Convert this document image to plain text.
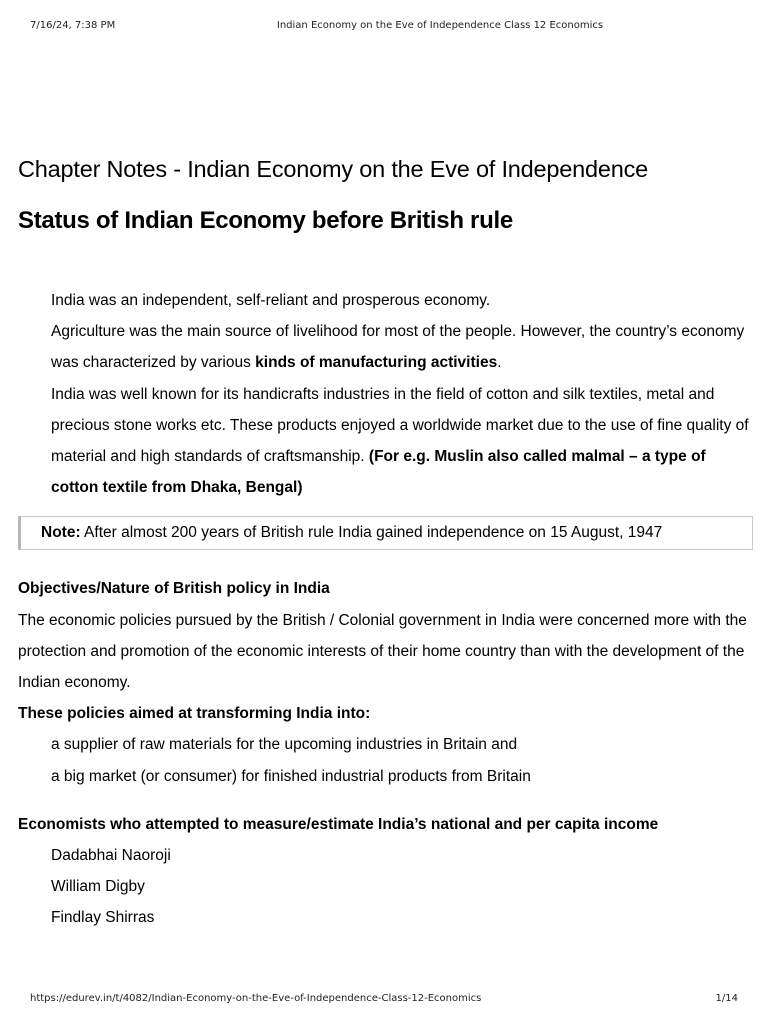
7/16/24, 7:38 PM	Indian Economy on the Eve of Independence Class 12 Economics
Chapter Notes - Indian Economy on the Eve of Independence
Status of Indian Economy before British rule

India was an independent, self-reliant and prosperous economy.

Agriculture was the main source of livelihood for most of the people. However, the country’s economy was characterized by various kinds of manufacturing activities.

India was well known for its handicrafts industries in the field of cotton and silk textiles, metal and precious stone works etc. These products enjoyed a worldwide market due to the use of fine quality of material and high standards of craftsmanship. (For e.g. Muslin also called malmal – a type of cotton textile from Dhaka, Bengal)

Note: After almost 200 years of British rule India gained independence on 15 August, 1947

Objectives/Nature of British policy in India

The economic policies pursued by the British / Colonial government in India were concerned more with the protection and promotion of the economic interests of their home country than with the development of the Indian economy.

These policies aimed at transforming India into:

a supplier of raw materials for the upcoming industries in Britain and

a big market (or consumer) for finished industrial products from Britain

Economists who attempted to measure/estimate India’s national and per capita income

Dadabhai Naoroji
William Digby
Findlay Shirras
https://edurev.in/t/4082/Indian-Economy-on-the-Eve-of-Independence-Class-12-Economics	1/14
